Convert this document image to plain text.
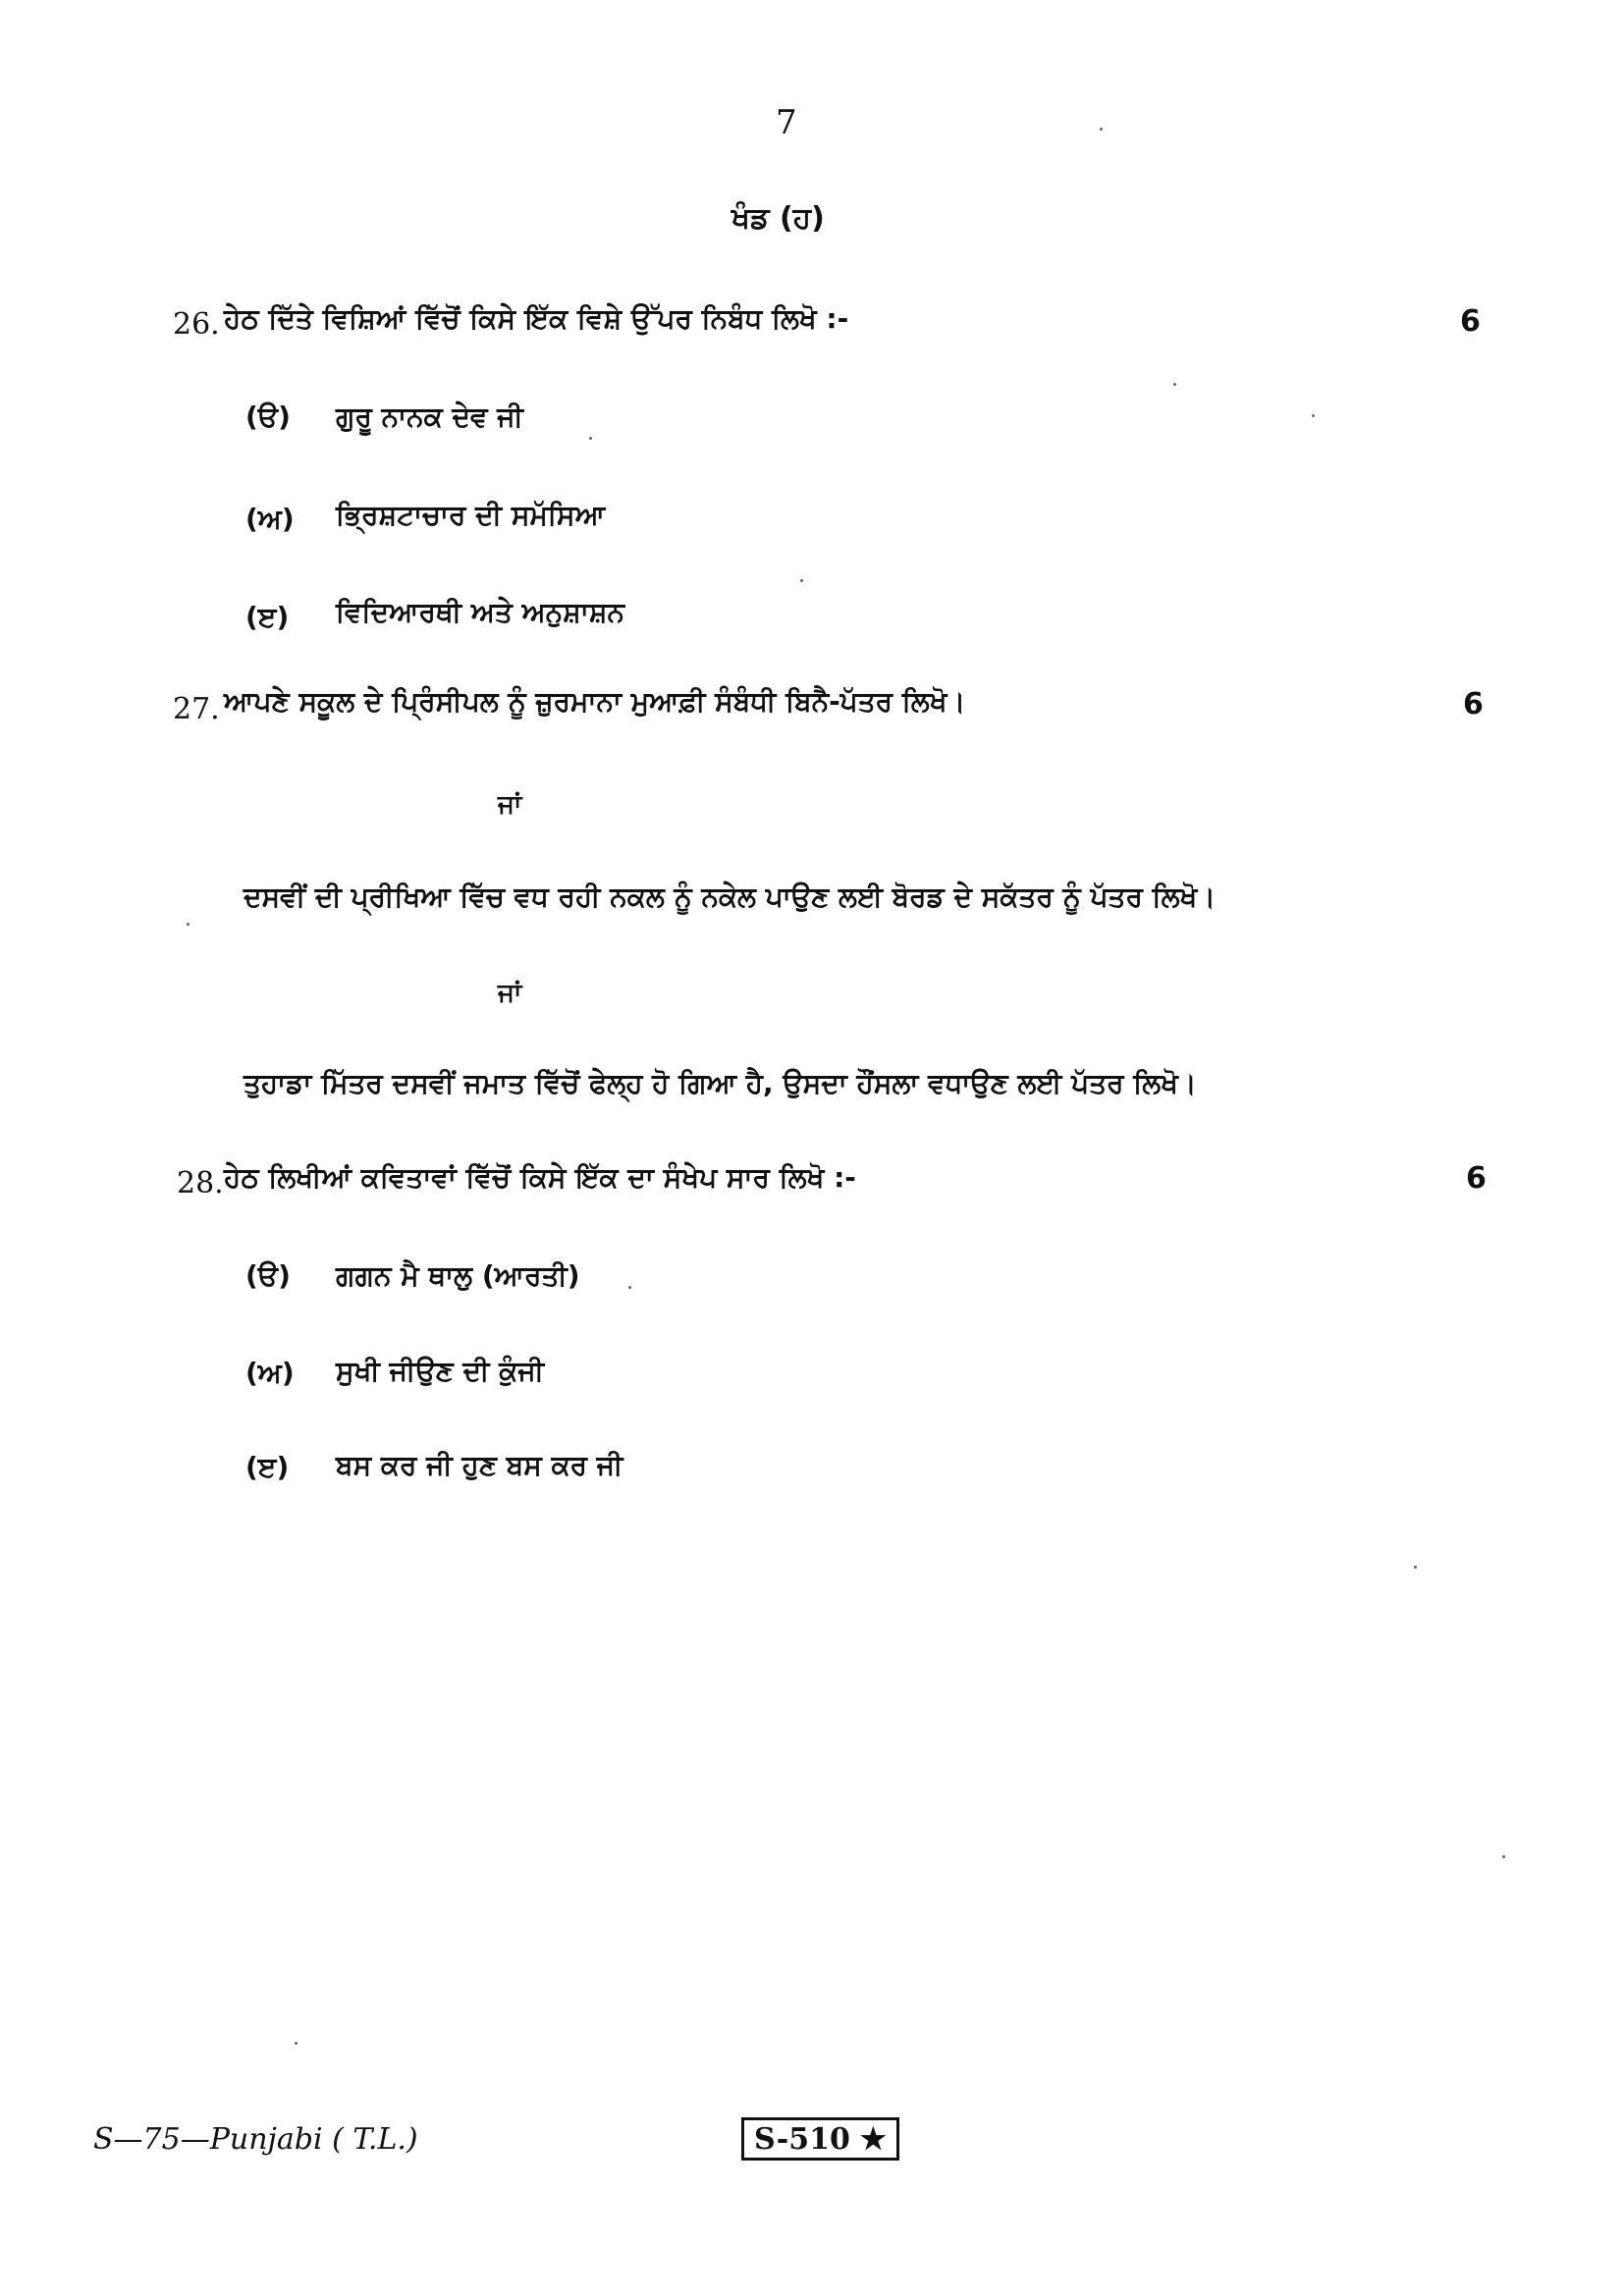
7
ਖੰਡ (ਹ)
26. ਹੇਠ ਦਿੱਤੇ ਵਿਸ਼ਿਆਂ ਵਿੱਚੋਂ ਕਿਸੇ ਇੱਕ ਵਿਸ਼ੇ ਉੱਪਰ ਨਿਬੰਧ ਲਿਖੋ :-	6
(ੳ) ਗੁਰੂ ਨਾਨਕ ਦੇਵ ਜੀ
(ਅ) ਭ੍ਰਿਸ਼ਟਾਚਾਰ ਦੀ ਸਮੱਸਿਆ
(ੲ) ਵਿਦਿਆਰਥੀ ਅਤੇ ਅਨੁਸ਼ਾਸ਼ਨ
27. ਆਪਣੇ ਸਕੂਲ ਦੇ ਪ੍ਰਿੰਸੀਪਲ ਨੂੰ ਜ਼ੁਰਮਾਨਾ ਮੁਆਫ਼ੀ ਸੰਬੰਧੀ ਬਿਨੈ-ਪੱਤਰ ਲਿਖੋ।	6
ਜਾਂ
ਦਸਵੀਂ ਦੀ ਪ੍ਰੀਖਿਆ ਵਿੱਚ ਵਧ ਰਹੀ ਨਕਲ ਨੂੰ ਨਕੇਲ ਪਾਉਣ ਲਈ ਬੋਰਡ ਦੇ ਸਕੱਤਰ ਨੂੰ ਪੱਤਰ ਲਿਖੋ।
ਜਾਂ
ਤੁਹਾਡਾ ਮਿੱਤਰ ਦਸਵੀਂ ਜਮਾਤ ਵਿੱਚੋਂ ਫੇਲ੍ਹ ਹੋ ਗਿਆ ਹੈ, ਉਸਦਾ ਹੌਂਸਲਾ ਵਧਾਉਣ ਲਈ ਪੱਤਰ ਲਿਖੋ।
28. ਹੇਠ ਲਿਖੀਆਂ ਕਵਿਤਾਵਾਂ ਵਿੱਚੋਂ ਕਿਸੇ ਇੱਕ ਦਾ ਸੰਖੇਪ ਸਾਰ ਲਿਖੋ :-	6
(ੳ) ਗਗਨ ਮੈ ਥਾਲੁ (ਆਰਤੀ)
(ਅ) ਸੁਖੀ ਜੀਉਣ ਦੀ ਕੁੰਜੀ
(ੲ) ਬਸ ਕਰ ਜੀ ਹੁਣ ਬਸ ਕਰ ਜੀ
S—75—Punjabi ( T.L.)	S-510 ★
